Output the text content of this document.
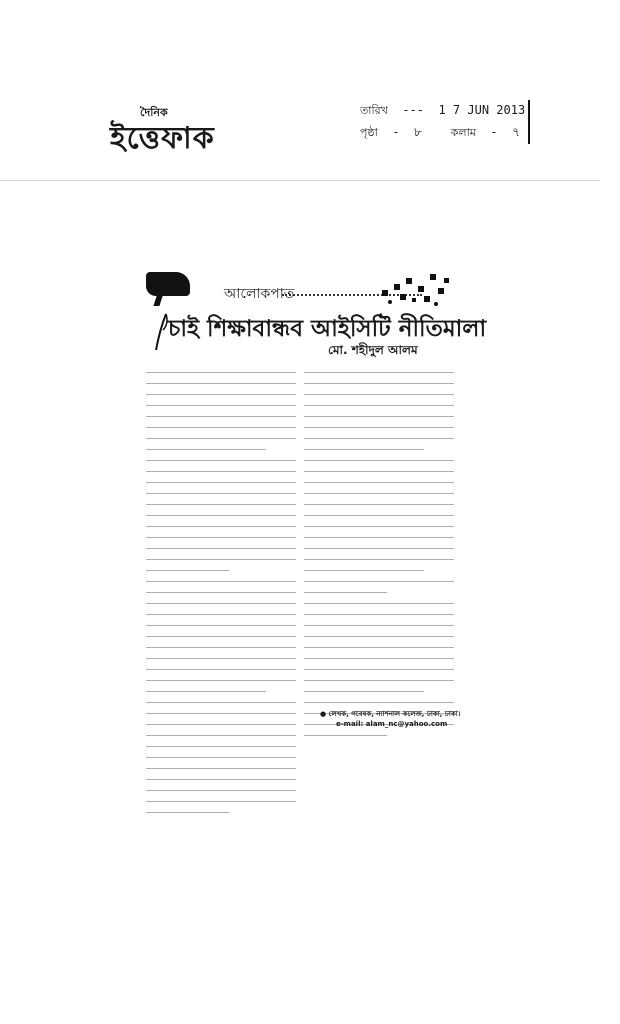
দৈনিক
ইত্তেফাক
তারিখ  ---  1 7 JUN 2013
পৃষ্ঠা  -  ৮	কলাম  -  ৭
আলোকপাত
চাই শিক্ষাবান্ধব আইসিটি নীতিমালা
মো. শহীদুল আলম
● লেখক, গবেষক, ন্যাশনাল কলেজ, ঢাকা, ঢাকা।
e-mail: alam_nc@yahoo.com
